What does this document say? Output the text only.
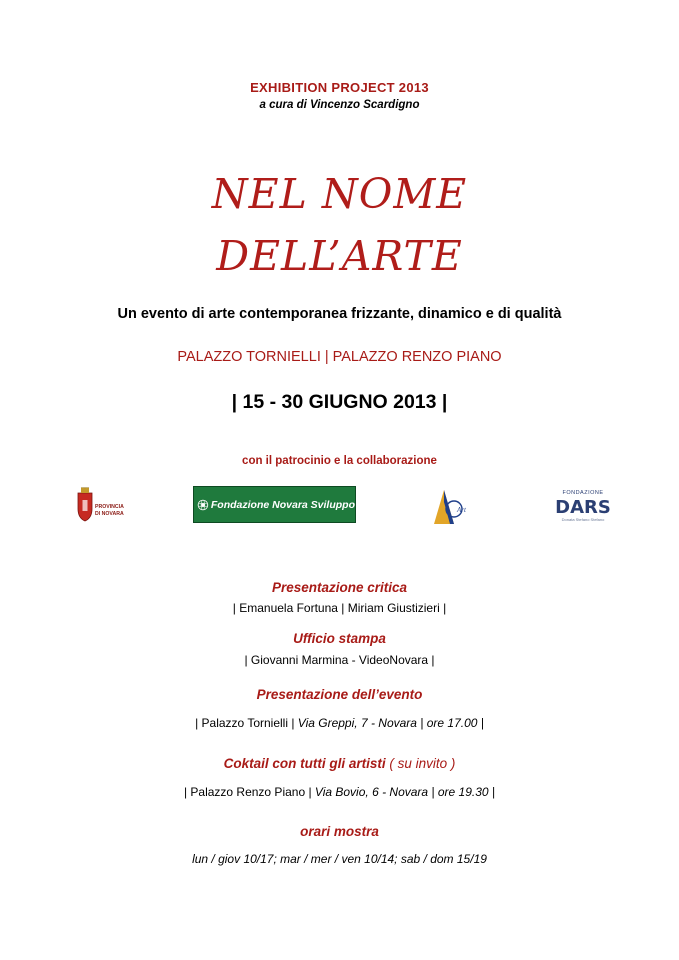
EXHIBITION PROJECT 2013
a cura di Vincenzo Scardigno
NEL NOME
DELL’ARTE
Un evento di arte contemporanea frizzante, dinamico e di qualità
PALAZZO TORNIELLI | PALAZZO RENZO PIANO
| 15 - 30 GIUGNO 2013 |
con il patrocinio e la collaborazione
PROVINCIA
DI NOVARA
Fondazione Novara Sviluppo	Art
FONDAZIONE
DARS
Donata Stefano Stefano
Presentazione critica
| Emanuela Fortuna | Miriam Giustizieri |
Ufficio stampa
| Giovanni Marmina - VideoNovara |
Presentazione dell’evento
| Palazzo Tornielli | Via Greppi, 7 - Novara | ore 17.00 |
Coktail con tutti gli artisti ( su invito )
| Palazzo Renzo Piano | Via Bovio, 6 - Novara | ore 19.30 |
orari mostra
lun / giov 10/17; mar / mer / ven 10/14; sab / dom 15/19
